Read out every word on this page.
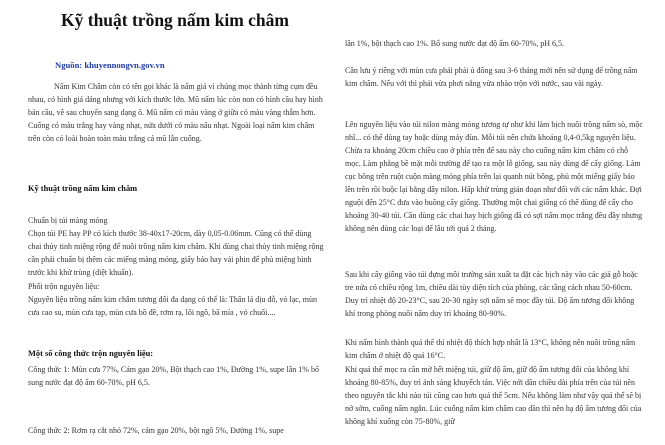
Kỹ thuật trồng nấm kim châm
Nguồn: khuyennongvn.gov.vn

Nấm Kim Châm còn có tên gọi khác là nấm giá vì chúng mọc thành từng cụm đều nhau, có hình giá dáng nhưng với kích thước lớn. Mũ nấm lúc còn non có hình cầu hay hình bán cầu, về sau chuyển sang dạng ô. Mũ nấm có màu vàng ở giữa có màu vàng thẫm hơn. Cuống có màu trắng hay vàng nhạt, nửa dưới có màu nâu nhạt. Ngoài loại nấm kim châm trên còn có loài hoàn toàn màu trắng cả mũ lẫn cuống.

Kỹ thuật trồng nấm kim châm

Chuẩn bị túi màng mỏng

Chọn túi PE hay PP có kích thước 38-40x17-20cm, dày 0,05-0.06mm. Cũng có thể dùng chai thủy tinh miệng rộng để nuôi trồng nấm kim châm. Khi dùng chai thủy tinh miệng rộng cần phải chuẩn bị thêm các miếng màng mỏng, giấy báo hay vải phin để phủ miệng bình trước khi khử trùng (diệt khuẩn).

Phối trộn nguyên liệu:

Nguyên liệu trồng nấm kim châm tương đối đa dạng có thể là: Thân lá dịu đỗ, vỏ lạc, mùn cưa cao su, mùn cưa tạp, mùn cưa bồ đề, rơm rạ, lõi ngô, bã mía , vỏ chuối....

Một số công thức trộn nguyên liệu:

Công thức 1: Mùn cưa 77%, Cám gạo 20%, Bột thạch cao 1%, Đường 1%, supe lân 1% bổ sung nước đạt độ ẩm 60-70%, pH 6,5.

Công thức 2: Rơm rạ cắt nhỏ 72%, cám gạo 20%, bột ngô 5%, Đường 1%, supe

lân 1%, bột thạch cao 1%. Bổ sung nước đạt độ ẩm 60-70%, pH 6,5.

Cần lưu ý riêng với mùn cưa phải phải ủ đống sau 3-6 tháng mới nên sử dụng để trồng nấm kim châm. Nếu với thì phải vừa phơi nắng vừa nhào trộn với nước, sau vài ngày.

Lên nguyên liệu vào túi nilon màng mỏng tương tự như khi làm bịch nuôi trồng nấm sò, mộc nhĩ... có thể dùng tay hoặc dùng máy đùn. Mỗi túi nên chứa khoảng 0,4-0,5kg nguyên liệu. Chừa ra khoảng 20cm chiều cao ở phía trên để sau này cho cuống nấm kim châm có chỗ mọc. Làm phẳng bề mặt mỗi trường để tạo ra một lỗ giống, sau này dùng để cấy giống. Làm cục bông trên ruột cuộn màng mỏng phía trên lại quanh nút bông, phủ một miếng giấy báo lên trên rồi buộc lại bằng dây nilon. Hấp khử trùng giản đoạn như đối với các nấm khác. Đợi nguội đến 25°C đưa vào buồng cấy giống. Thường một chai giống có thể dùng để cấy cho khoảng 30-40 túi. Cần dùng các chai hay bịch giống đã có sợi nấm mọc trắng đều đầy nhưng không nên dùng các loại để lâu tới quá 2 tháng.

Sau khi cấy giống vào túi đựng môi trường sản xuất ta đặt các bịch này vào các giá gỗ hoặc tre nứa có chiều rộng 1m, chiều dài tùy diện tích của phòng, các tầng cách nhau 50-60cm. Duy trì nhiệt độ 20-23°C, sau 20-30 ngày sợi nấm sẽ mọc đầy túi. Độ ẩm tương đối không khí trong phòng nuôi nấm duy trì khoảng 80-90%.

Khi nấm hình thành quả thể thì nhiệt độ thích hợp nhất là 13°C, không nên nuôi trồng nấm kim châm ở nhiệt độ quá 16°C.

Khi quả thể mọc ra cần mở hết miệng túi, giữ độ ẩm, giữ độ ẩm tương đối của không khí khoảng 80-85%, duy trì ánh sáng khuyếch tán. Việc nới dần chiều dài phía trên của túi nên theo nguyên tắc khi nào túi cũng cao hơn quả thể 5cm. Nếu không làm như vậy quả thể sẽ bị nở sớm, cuống nấm ngắn. Lúc cuống nấm kim châm cao dần thì nên hạ độ ẩm tương đối của không khí xuống còn 75-80%, giữ
